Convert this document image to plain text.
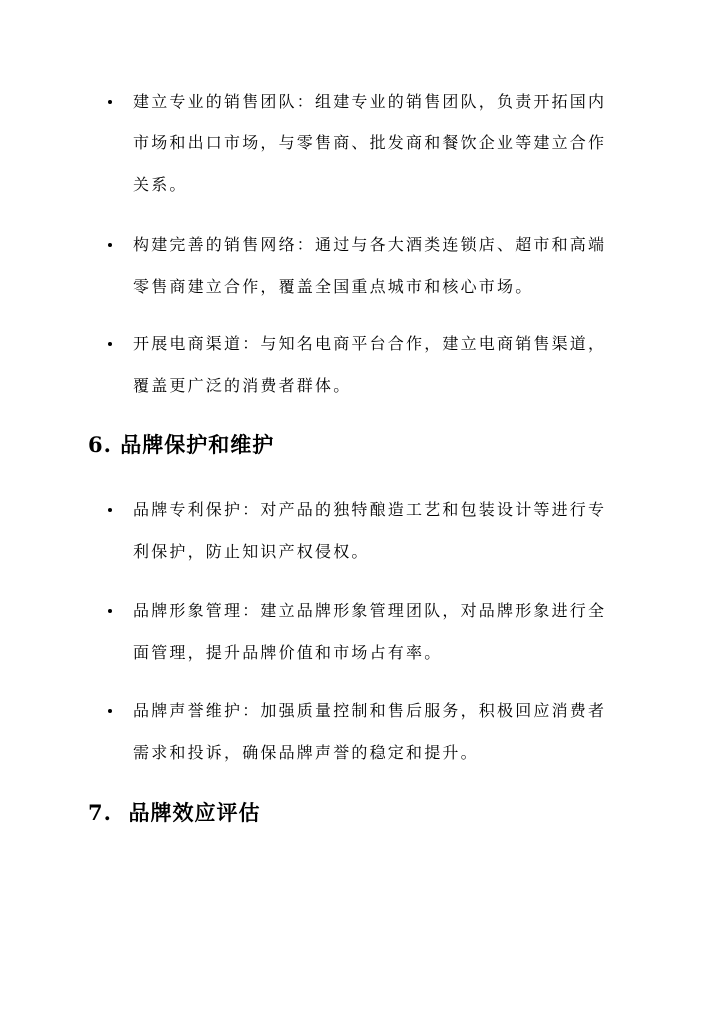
建立专业的销售团队：组建专业的销售团队，负责开拓国内
市场和出口市场，与零售商、批发商和餐饮企业等建立合作
关系。
构建完善的销售网络：通过与各大酒类连锁店、超市和高端
零售商建立合作，覆盖全国重点城市和核心市场。
开展电商渠道：与知名电商平台合作，建立电商销售渠道，
覆盖更广泛的消费者群体。
6. 品牌保护和维护
品牌专利保护：对产品的独特酿造工艺和包装设计等进行专
利保护，防止知识产权侵权。
品牌形象管理：建立品牌形象管理团队，对品牌形象进行全
面管理，提升品牌价值和市场占有率。
品牌声誉维护：加强质量控制和售后服务，积极回应消费者
需求和投诉，确保品牌声誉的稳定和提升。
7.  品牌效应评估
